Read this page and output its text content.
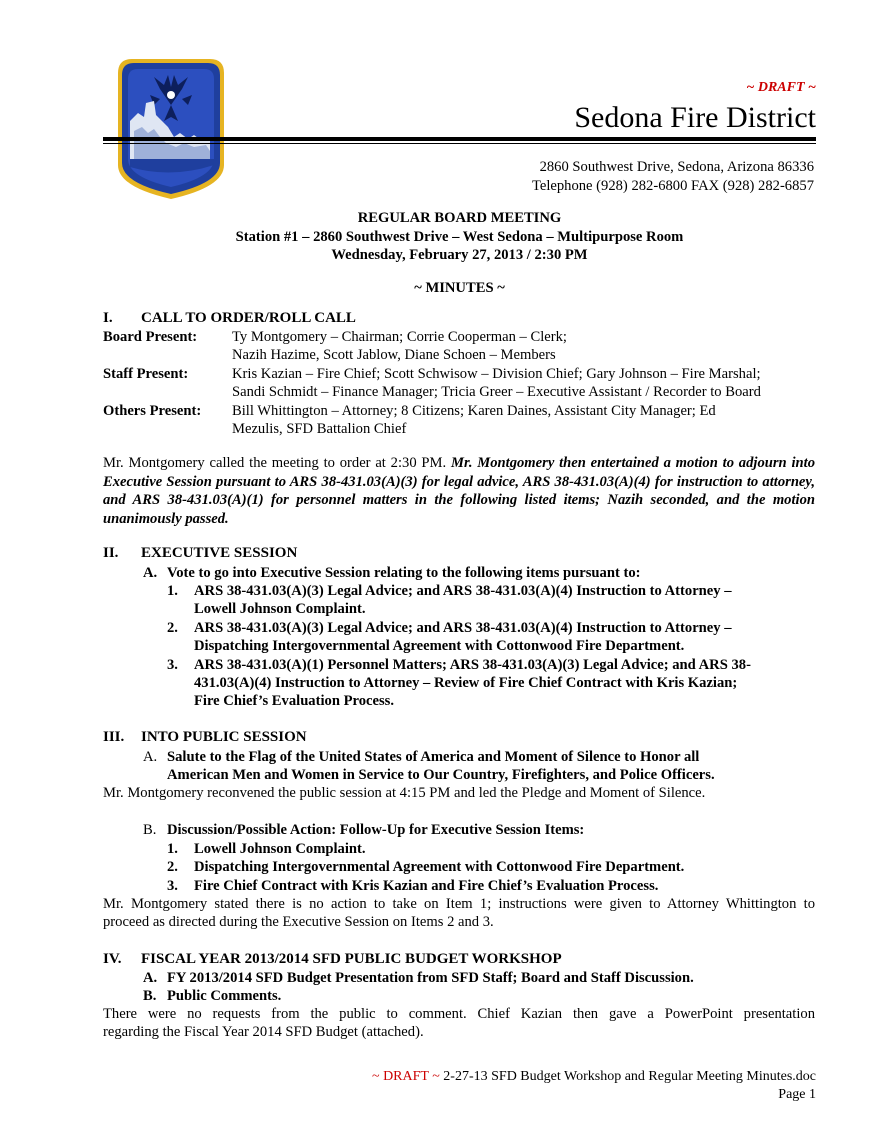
~ DRAFT ~
Sedona Fire District
2860 Southwest Drive, Sedona, Arizona 86336
Telephone (928) 282-6800 FAX (928) 282-6857
REGULAR BOARD MEETING
Station #1 – 2860 Southwest Drive – West Sedona – Multipurpose Room
Wednesday, February 27, 2013 / 2:30 PM
~ MINUTES ~
I. CALL TO ORDER/ROLL CALL
Board Present: Ty Montgomery – Chairman; Corrie Cooperman – Clerk;
Nazih Hazime, Scott Jablow, Diane Schoen – Members
Staff Present:	Kris Kazian – Fire Chief; Scott Schwisow – Division Chief; Gary Johnson – Fire Marshal;
Sandi Schmidt – Finance Manager; Tricia Greer – Executive Assistant / Recorder to Board
Others Present: Bill Whittington – Attorney; 8 Citizens; Karen Daines, Assistant City Manager; Ed
Mezulis, SFD Battalion Chief
Mr. Montgomery called the meeting to order at 2:30 PM. Mr. Montgomery then entertained a motion to adjourn into Executive Session pursuant to ARS 38-431.03(A)(3) for legal advice, ARS 38-431.03(A)(4) for instruction to attorney, and ARS 38-431.03(A)(1) for personnel matters in the following listed items; Nazih seconded, and the motion unanimously passed.
II. EXECUTIVE SESSION
A. Vote to go into Executive Session relating to the following items pursuant to:
1. ARS 38-431.03(A)(3) Legal Advice; and ARS 38-431.03(A)(4) Instruction to Attorney –
Lowell Johnson Complaint.
2. ARS 38-431.03(A)(3) Legal Advice; and ARS 38-431.03(A)(4) Instruction to Attorney –
Dispatching Intergovernmental Agreement with Cottonwood Fire Department.
3. ARS 38-431.03(A)(1) Personnel Matters; ARS 38-431.03(A)(3) Legal Advice; and ARS 38-
431.03(A)(4) Instruction to Attorney – Review of Fire Chief Contract with Kris Kazian;
Fire Chief’s Evaluation Process.
III. INTO PUBLIC SESSION
A. Salute to the Flag of the United States of America and Moment of Silence to Honor all
American Men and Women in Service to Our Country, Firefighters, and Police Officers.
Mr. Montgomery reconvened the public session at 4:15 PM and led the Pledge and Moment of Silence.
B. Discussion/Possible Action: Follow-Up for Executive Session Items:
1. Lowell Johnson Complaint.
2. Dispatching Intergovernmental Agreement with Cottonwood Fire Department.
3. Fire Chief Contract with Kris Kazian and Fire Chief’s Evaluation Process.
Mr. Montgomery stated there is no action to take on Item 1; instructions were given to Attorney Whittington to
proceed as directed during the Executive Session on Items 2 and 3.
IV. FISCAL YEAR 2013/2014 SFD PUBLIC BUDGET WORKSHOP
A. FY 2013/2014 SFD Budget Presentation from SFD Staff; Board and Staff Discussion.
B. Public Comments.
There were no requests from the public to comment. Chief Kazian then gave a PowerPoint presentation
regarding the Fiscal Year 2014 SFD Budget (attached).
~ DRAFT ~ 2-27-13 SFD Budget Workshop and Regular Meeting Minutes.doc
Page 1
